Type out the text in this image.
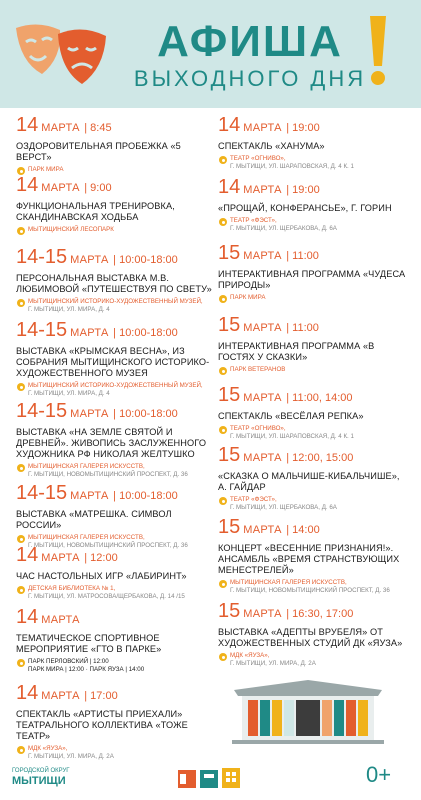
АФИША
ВЫХОДНОГО ДНЯ
14 МАРТА | 8:45
ОЗДОРОВИТЕЛЬНАЯ ПРОБЕЖКА «5 ВЕРСТ»
ПАРК МИРА
14 МАРТА | 9:00
ФУНКЦИОНАЛЬНАЯ ТРЕНИРОВКА, СКАНДИНАВСКАЯ ХОДЬБА
МЫТИЩИНСКИЙ ЛЕСОПАРК
14-15 МАРТА | 10:00-18:00
ПЕРСОНАЛЬНАЯ ВЫСТАВКА М.В. ЛЮБИМОВОЙ «ПУТЕШЕСТВУЯ ПО СВЕТУ»
МЫТИЩИНСКИЙ ИСТОРИКО-ХУДОЖЕСТВЕННЫЙ МУЗЕЙ,
Г. МЫТИЩИ, УЛ. МИРА, Д. 4
14-15 МАРТА | 10:00-18:00
ВЫСТАВКА «КРЫМСКАЯ ВЕСНА», ИЗ СОБРАНИЯ МЫТИЩИНСКОГО ИСТОРИКО-ХУДОЖЕСТВЕННОГО МУЗЕЯ
МЫТИЩИНСКИЙ ИСТОРИКО-ХУДОЖЕСТВЕННЫЙ МУЗЕЙ,
Г. МЫТИЩИ, УЛ. МИРА, Д. 4
14-15 МАРТА | 10:00-18:00
ВЫСТАВКА «НА ЗЕМЛЕ СВЯТОЙ И ДРЕВНЕЙ». ЖИВОПИСЬ ЗАСЛУЖЕННОГО ХУДОЖНИКА РФ НИКОЛАЯ ЖЕЛТУШКО
МЫТИЩИНСКАЯ ГАЛЕРЕЯ ИСКУССТВ,
Г. МЫТИЩИ, НОВОМЫТИЩИНСКИЙ ПРОСПЕКТ, Д. 36
14-15 МАРТА | 10:00-18:00
ВЫСТАВКА «МАТРЕШКА. СИМВОЛ РОССИИ»
МЫТИЩИНСКАЯ ГАЛЕРЕЯ ИСКУССТВ,
Г. МЫТИЩИ, НОВОМЫТИЩИНСКИЙ ПРОСПЕКТ, Д. 36
14 МАРТА | 12:00
ЧАС НАСТОЛЬНЫХ ИГР «ЛАБИРИНТ»
ДЕТСКАЯ БИБЛИОТЕКА № 1,
Г. МЫТИЩИ, УЛ. МАТРОСОВА/ЩЕРБАКОВА, Д. 14 /15
14 МАРТА
ТЕМАТИЧЕСКОЕ СПОРТИВНОЕ МЕРОПРИЯТИЕ «ГТО В ПАРКЕ»
ПАРК ПЕРЛОВСКИЙ | 12:00
ПАРК МИРА | 12:00 · ПАРК ЯУЗА | 14:00
14 МАРТА | 17:00
СПЕКТАКЛЬ «АРТИСТЫ ПРИЕХАЛИ» ТЕАТРАЛЬНОГО КОЛЛЕКТИВА «ТОЖЕ ТЕАТР»
МДК «ЯУЗА»,
Г. МЫТИЩИ, УЛ. МИРА, Д. 2А
14 МАРТА | 19:00
СПЕКТАКЛЬ «ХАНУМА»
ТЕАТР «ОГНИВО»,
Г. МЫТИЩИ, УЛ. ШАРАПОВСКАЯ, Д. 4 К. 1
14 МАРТА | 19:00
«ПРОЩАЙ, КОНФЕРАНСЬЕ», Г. ГОРИН
ТЕАТР «ФЭСТ»,
Г. МЫТИЩИ, УЛ. ЩЕРБАКОВА, Д. 6А
15 МАРТА | 11:00
ИНТЕРАКТИВНАЯ ПРОГРАММА «ЧУДЕСА ПРИРОДЫ»
ПАРК МИРА
15 МАРТА | 11:00
ИНТЕРАКТИВНАЯ ПРОГРАММА «В ГОСТЯХ У СКАЗКИ»
ПАРК ВЕТЕРАНОВ
15 МАРТА | 11:00, 14:00
СПЕКТАКЛЬ «ВЕСЁЛАЯ РЕПКА»
ТЕАТР «ОГНИВО»,
Г. МЫТИЩИ, УЛ. ШАРАПОВСКАЯ, Д. 4 К. 1
15 МАРТА | 12:00, 15:00
«СКАЗКА О МАЛЬЧИШЕ-КИБАЛЬЧИШЕ», А. ГАЙДАР
ТЕАТР «ФЭСТ»,
Г. МЫТИЩИ, УЛ. ЩЕРБАКОВА, Д. 6А
15 МАРТА | 14:00
КОНЦЕРТ «ВЕСЕННИЕ ПРИЗНАНИЯ!». АНСАМБЛЬ «ВРЕМЯ СТРАНСТВУЮЩИХ МЕНЕСТРЕЛЕЙ»
МЫТИЩИНСКАЯ ГАЛЕРЕЯ ИСКУССТВ,
Г. МЫТИЩИ, НОВОМЫТИЩИНСКИЙ ПРОСПЕКТ, Д. 36
15 МАРТА | 16:30, 17:00
ВЫСТАВКА «АДЕПТЫ ВРУБЕЛЯ» ОТ ХУДОЖЕСТВЕННЫХ СТУДИЙ ДК «ЯУЗА»
МДК «ЯУЗА»,
Г. МЫТИЩИ, УЛ. МИРА, Д. 2А
ГОРОДСКОЙ ОКРУГ
МЫТИЩИ	0+
